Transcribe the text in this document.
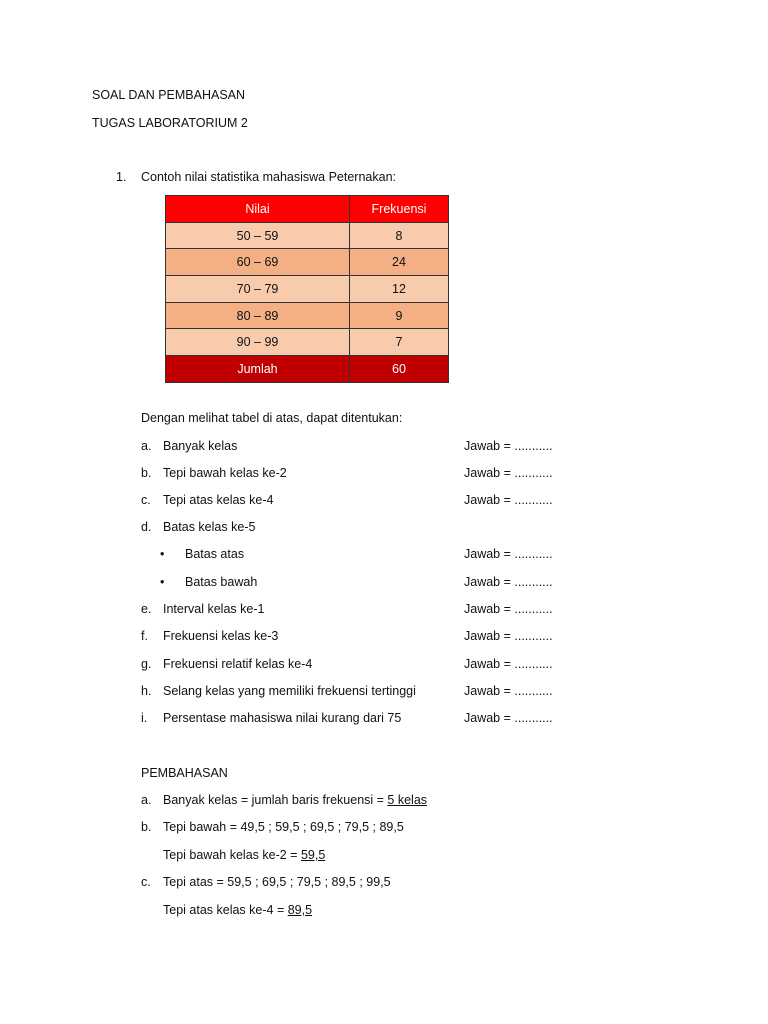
SOAL DAN PEMBAHASAN
TUGAS LABORATORIUM 2
1. Contoh nilai statistika mahasiswa Peternakan:
Nilai	Frekuensi
50 – 59	8
60 – 69	24
70 – 79	12
80 – 89	9
90 – 99	7
Jumlah	60
Dengan melihat tabel di atas, dapat ditentukan:
a. Banyak kelas	Jawab = ...........
b. Tepi bawah kelas ke-2	Jawab = ...........
c. Tepi atas kelas ke-4	Jawab = ...........
d. Batas kelas ke-5
• Batas atas	Jawab = ...........
• Batas bawah	Jawab = ...........
e. Interval kelas ke-1	Jawab = ...........
f. Frekuensi kelas ke-3	Jawab = ...........
g. Frekuensi relatif kelas ke-4	Jawab = ...........
h. Selang kelas yang memiliki frekuensi tertinggi	Jawab = ...........
i. Persentase mahasiswa nilai kurang dari 75	Jawab = ...........
PEMBAHASAN
a. Banyak kelas = jumlah baris frekuensi = 5 kelas
b. Tepi bawah = 49,5 ; 59,5 ; 69,5 ; 79,5 ; 89,5
Tepi bawah kelas ke-2 = 59,5
c. Tepi atas = 59,5 ; 69,5 ; 79,5 ; 89,5 ; 99,5
Tepi atas kelas ke-4 = 89,5
